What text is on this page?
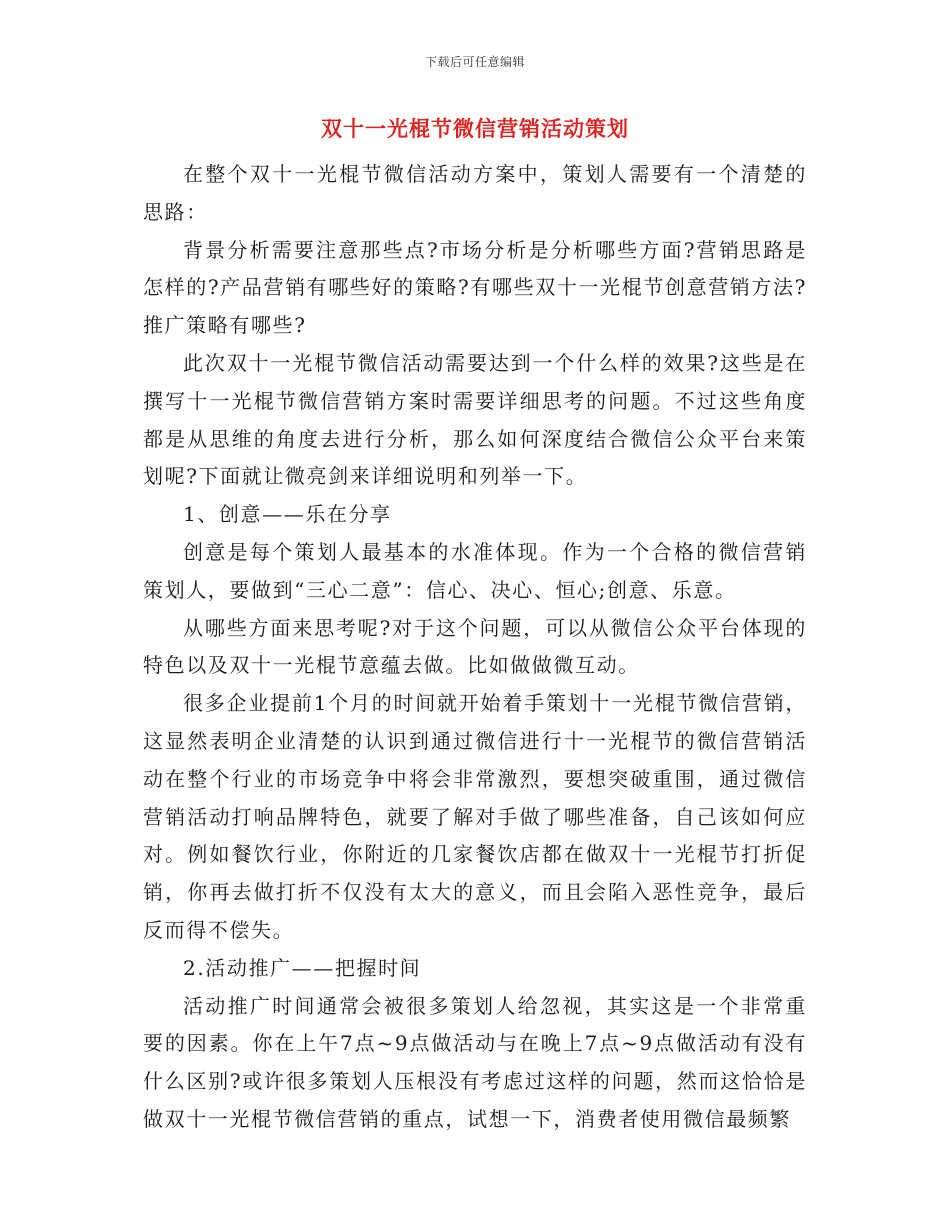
下载后可任意编辑
双十一光棍节微信营销活动策划

在整个双十一光棍节微信活动方案中，策划人需要有一个清楚的思路：

背景分析需要注意那些点?市场分析是分析哪些方面?营销思路是怎样的?产品营销有哪些好的策略?有哪些双十一光棍节创意营销方法?推广策略有哪些?

此次双十一光棍节微信活动需要达到一个什么样的效果?这些是在撰写十一光棍节微信营销方案时需要详细思考的问题。不过这些角度都是从思维的角度去进行分析，那么如何深度结合微信公众平台来策划呢?下面就让微亮剑来详细说明和列举一下。

1、创意——乐在分享

创意是每个策划人最基本的水准体现。作为一个合格的微信营销策划人，要做到“三心二意”：信心、决心、恒心;创意、乐意。

从哪些方面来思考呢?对于这个问题，可以从微信公众平台体现的特色以及双十一光棍节意蕴去做。比如做做微互动。

很多企业提前1个月的时间就开始着手策划十一光棍节微信营销，这显然表明企业清楚的认识到通过微信进行十一光棍节的微信营销活动在整个行业的市场竞争中将会非常激烈，要想突破重围，通过微信营销活动打响品牌特色，就要了解对手做了哪些准备，自己该如何应对。例如餐饮行业，你附近的几家餐饮店都在做双十一光棍节打折促销，你再去做打折不仅没有太大的意义，而且会陷入恶性竞争，最后反而得不偿失。

2.活动推广——把握时间

活动推广时间通常会被很多策划人给忽视，其实这是一个非常重要的因素。你在上午7点~9点做活动与在晚上7点~9点做活动有没有什么区别?或许很多策划人压根没有考虑过这样的问题，然而这恰恰是做双十一光棍节微信营销的重点，试想一下，消费者使用微信最频繁
